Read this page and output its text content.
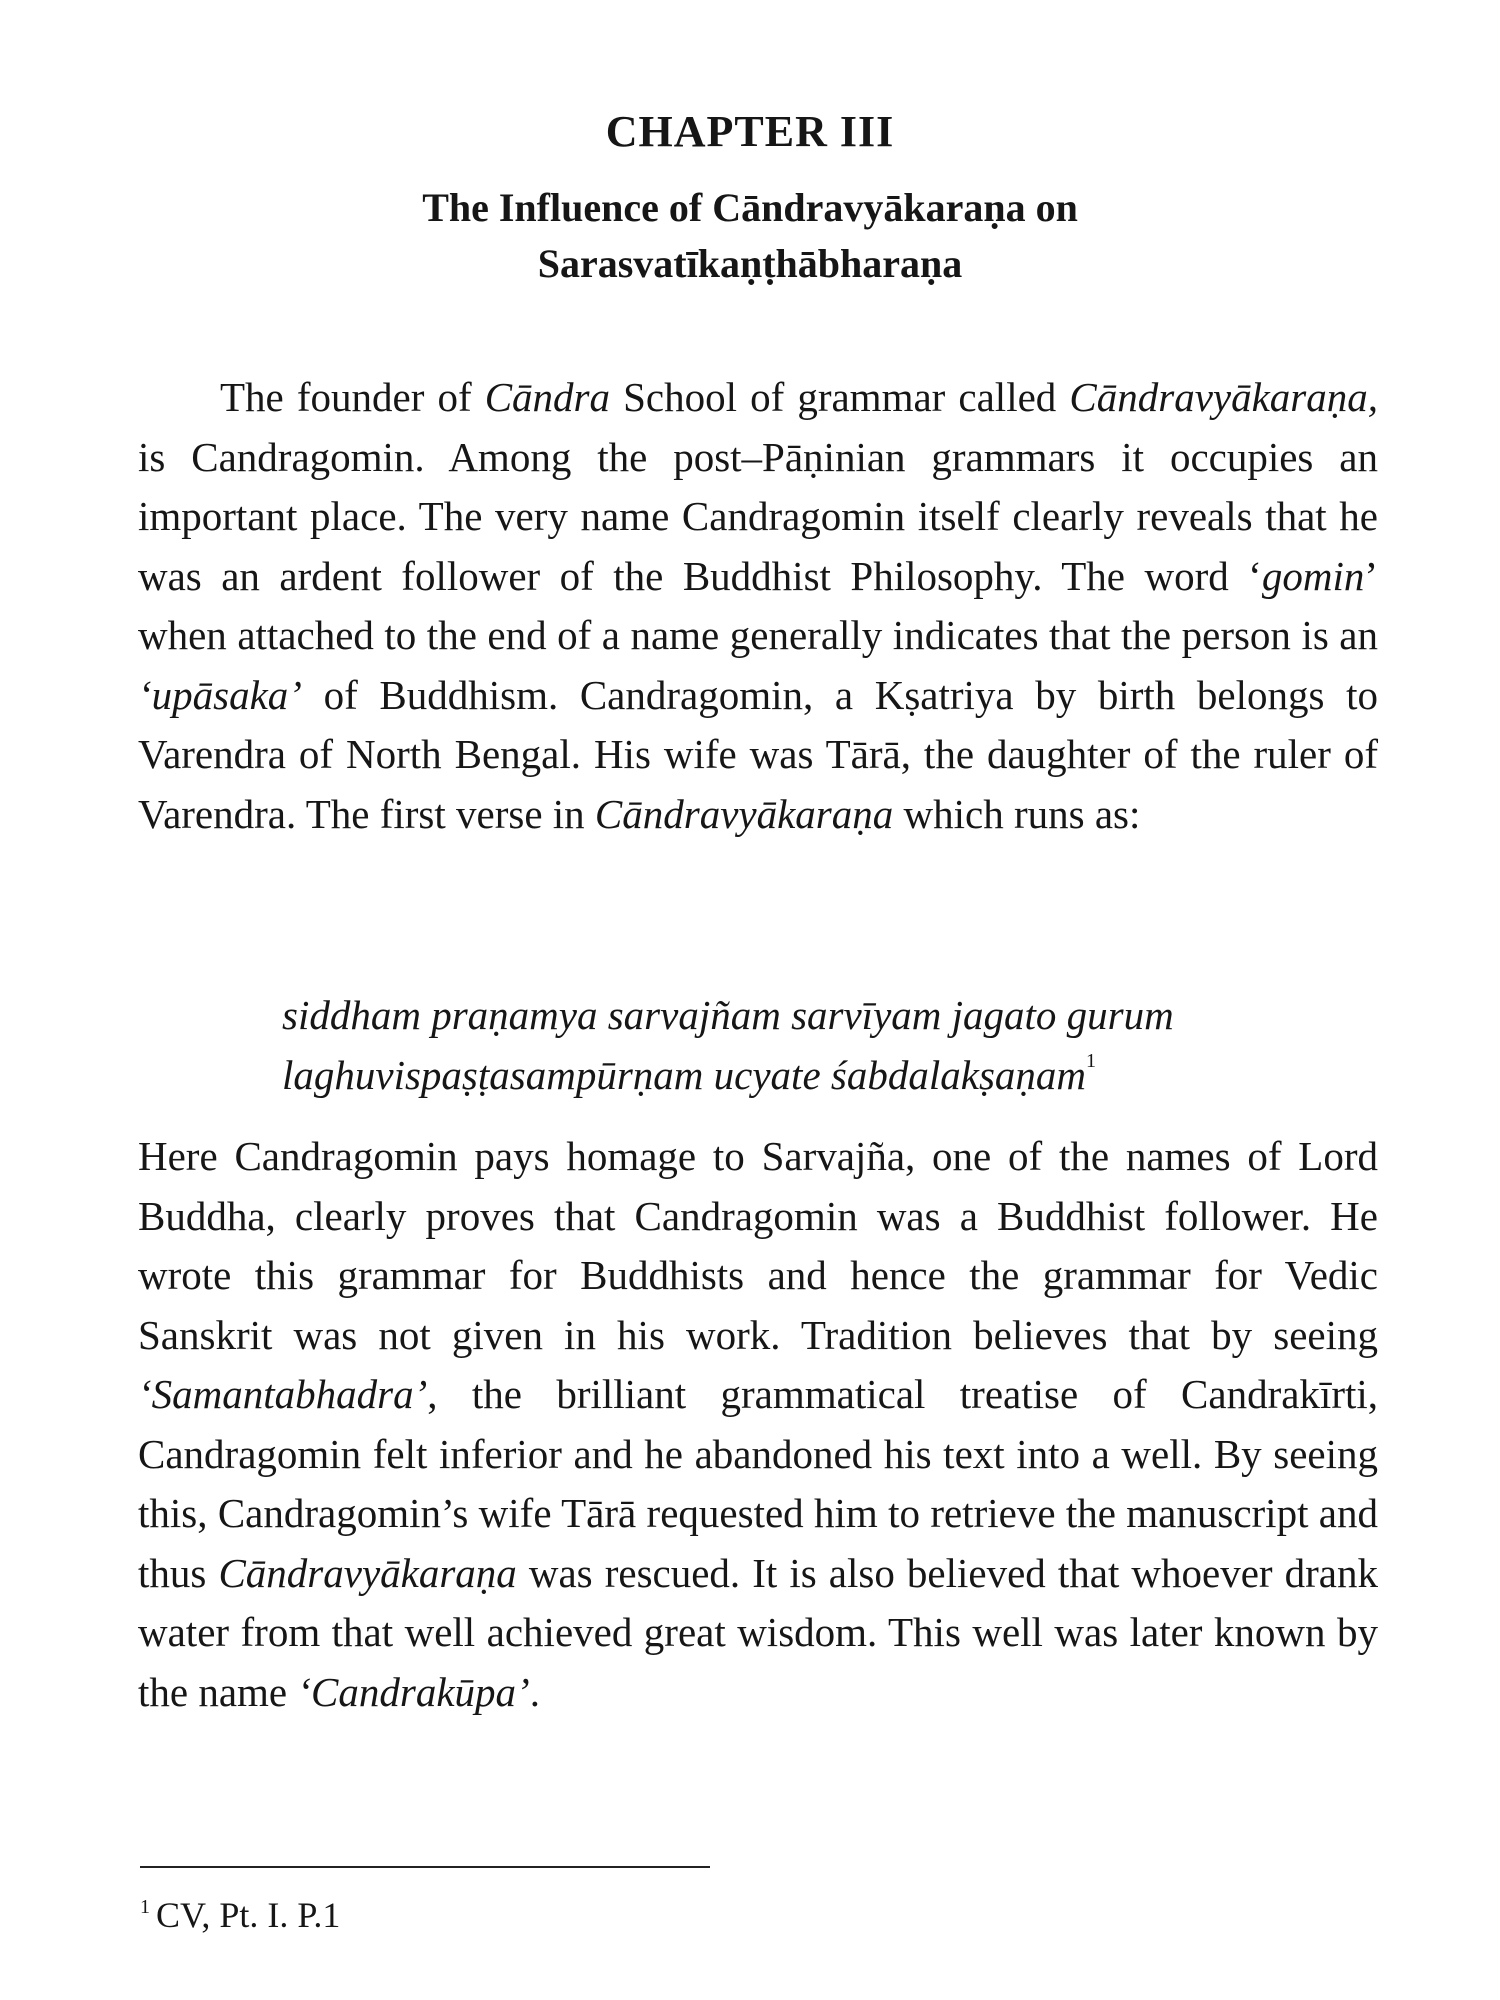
CHAPTER III
The Influence of Cāndravyākaraṇa on
Sarasvatīkaṇṭhābharaṇa

The founder of Cāndra School of grammar called Cāndravyākaraṇa, is Candragomin. Among the post–Pāṇinian grammars it occupies an important place. The very name Candragomin itself clearly reveals that he was an ardent follower of the Buddhist Philosophy. The word ‘gomin’ when attached to the end of a name generally indicates that the person is an ‘upāsaka’ of Buddhism. Candragomin, a Kṣatriya by birth belongs to Varendra of North Bengal. His wife was Tārā, the daughter of the ruler of Varendra. The first verse in Cāndravyākaraṇa which runs as:

siddham praṇamya sarvajñam sarvīyam jagato gurum
laghuvispaṣṭasampūrṇam ucyate śabdalakṣaṇam$^1$

Here Candragomin pays homage to Sarvajña, one of the names of Lord Buddha, clearly proves that Candragomin was a Buddhist follower. He wrote this grammar for Buddhists and hence the grammar for Vedic Sanskrit was not given in his work. Tradition believes that by seeing ‘Samantabhadra’, the brilliant grammatical treatise of Candrakīrti, Candragomin felt inferior and he abandoned his text into a well. By seeing this, Candragomin’s wife Tārā requested him to retrieve the manuscript and thus Cāndravyākaraṇa was rescued. It is also believed that whoever drank water from that well achieved great wisdom. This well was later known by the name ‘Candrakūpa’.

$^1$ CV, Pt. I. P.1
